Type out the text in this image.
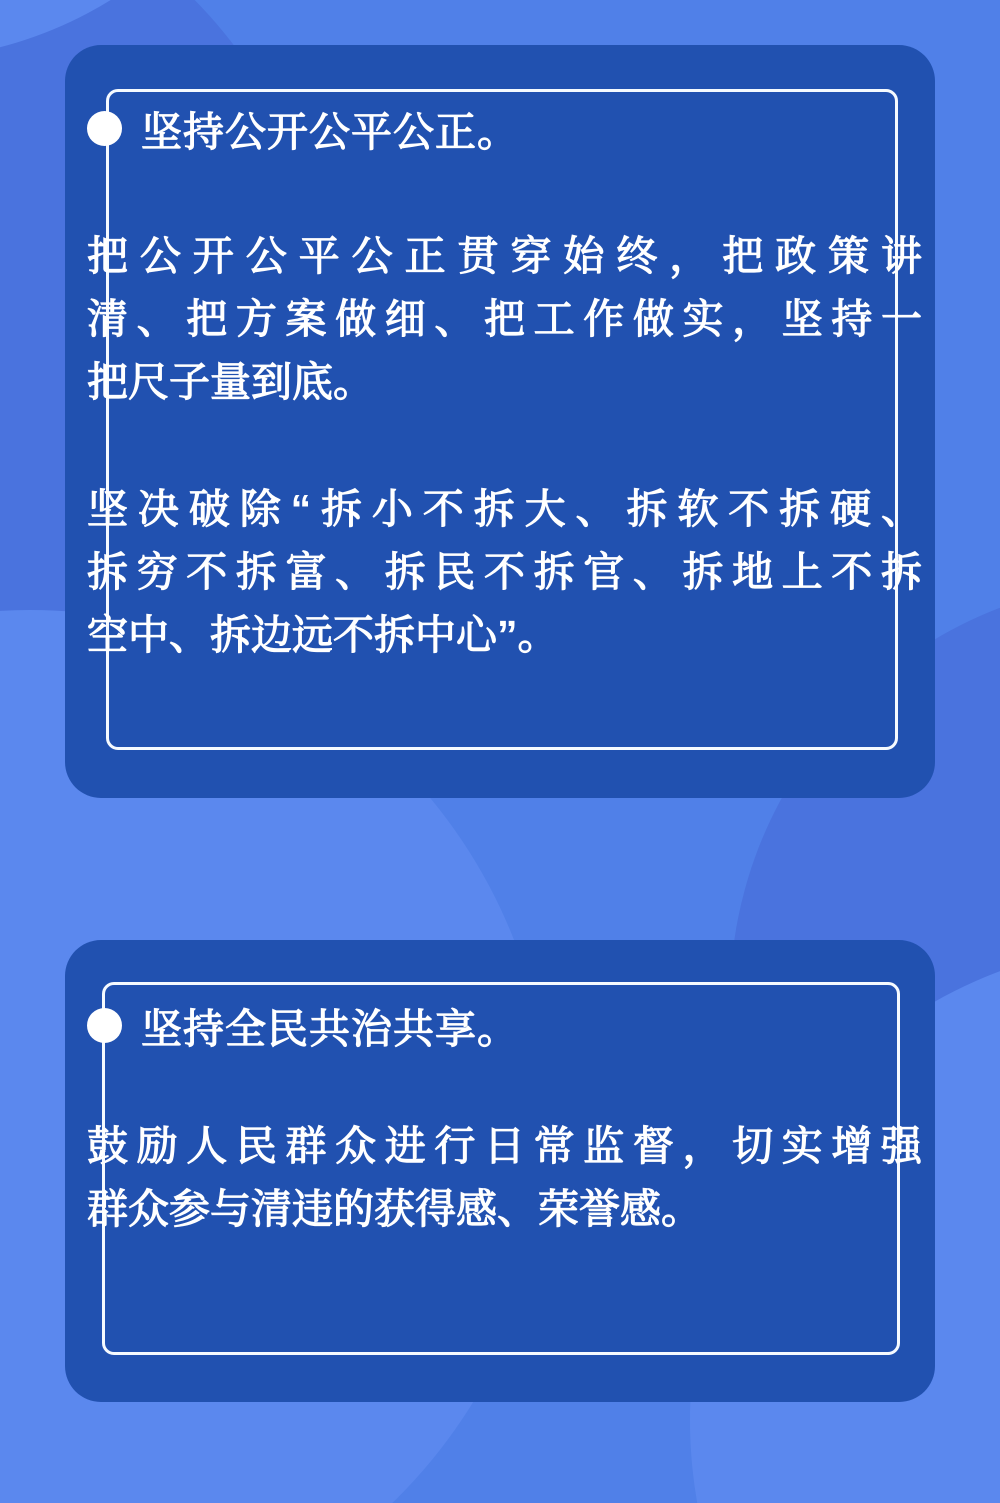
坚持公开公平公正。
把公开公平公正贯穿始终，把政策讲
清、把方案做细、把工作做实，坚持一
把尺子量到底。
坚决破除“拆小不拆大、拆软不拆硬、
拆穷不拆富、拆民不拆官、拆地上不拆
空中、拆边远不拆中心”。
坚持全民共治共享。
鼓励人民群众进行日常监督，切实增强
群众参与清违的获得感、荣誉感。
